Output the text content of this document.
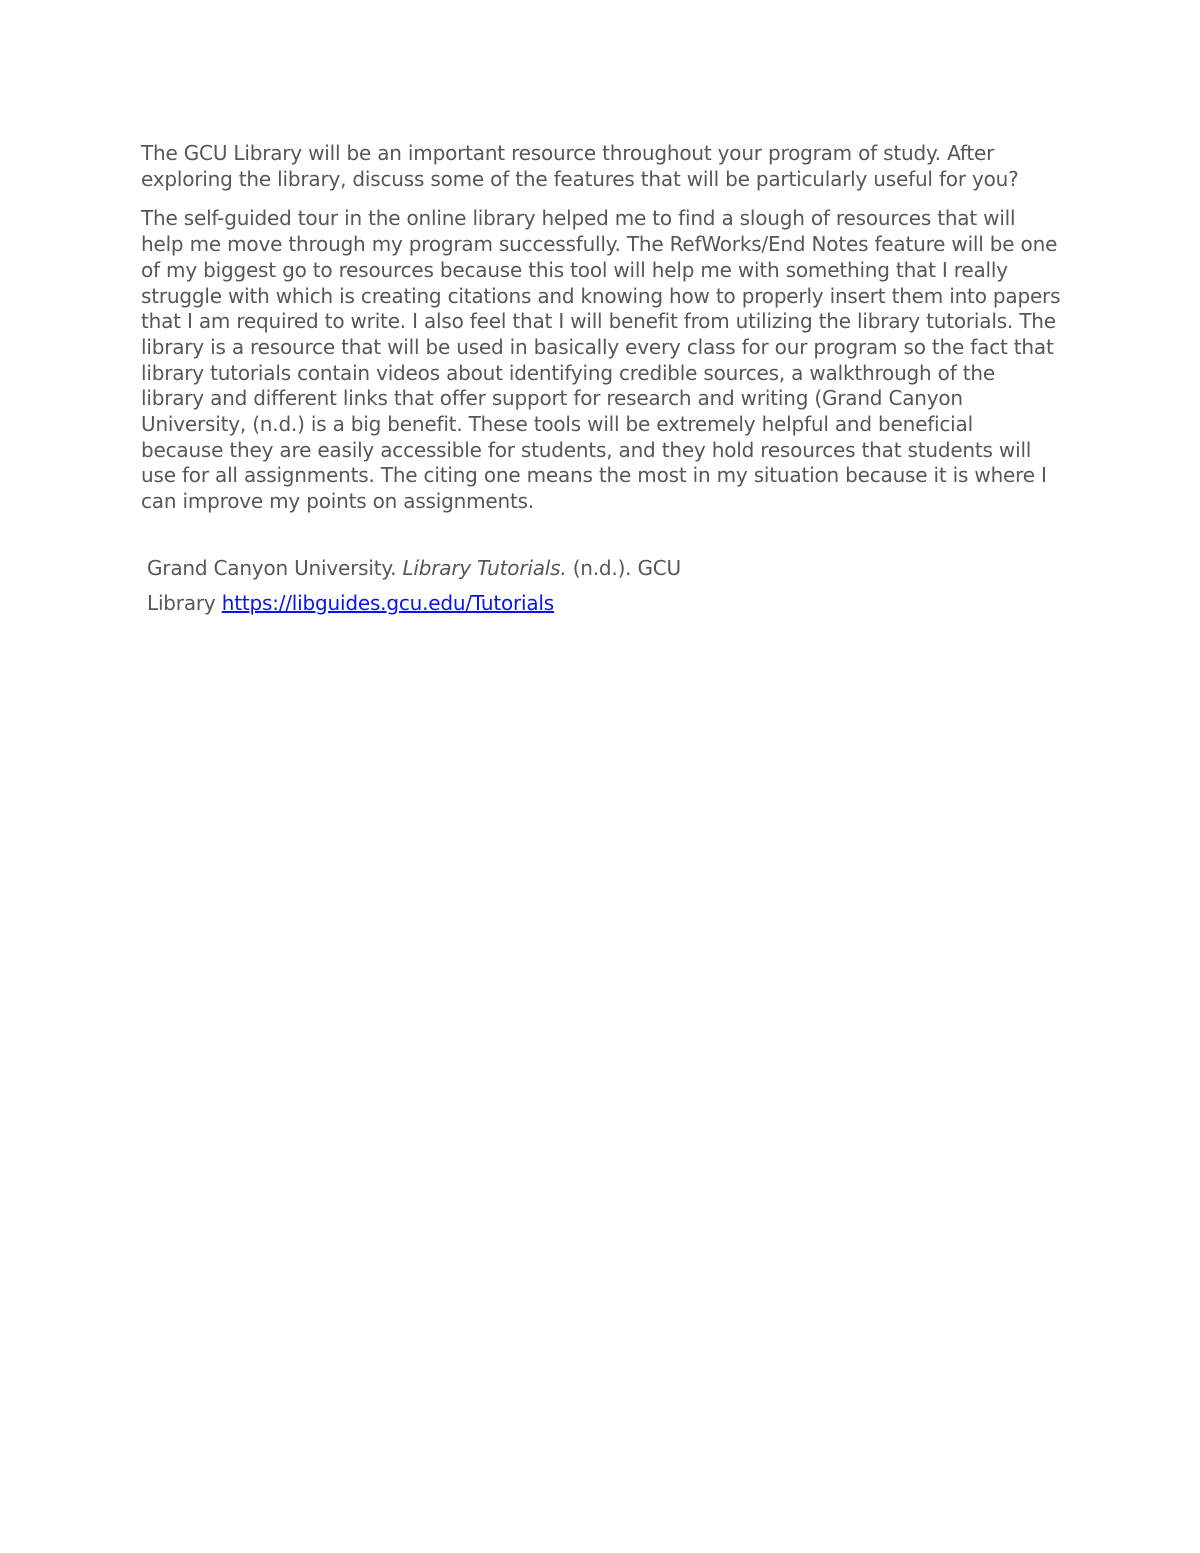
The GCU Library will be an important resource throughout your program of study. After exploring the library, discuss some of the features that will be particularly useful for you?

The self-guided tour in the online library helped me to find a slough of resources that will help me move through my program successfully. The RefWorks/End Notes feature will be one of my biggest go to resources because this tool will help me with something that I really struggle with which is creating citations and knowing how to properly insert them into papers that I am required to write. I also feel that I will benefit from utilizing the library tutorials. The library is a resource that will be used in basically every class for our program so the fact that library tutorials contain videos about identifying credible sources, a walkthrough of the library and different links that offer support for research and writing (Grand Canyon University, (n.d.) is a big benefit. These tools will be extremely helpful and beneficial because they are easily accessible for students, and they hold resources that students will use for all assignments. The citing one means the most in my situation because it is where I can improve my points on assignments.

Grand Canyon University. Library Tutorials. (n.d.). GCU
Library https://libguides.gcu.edu/Tutorials
